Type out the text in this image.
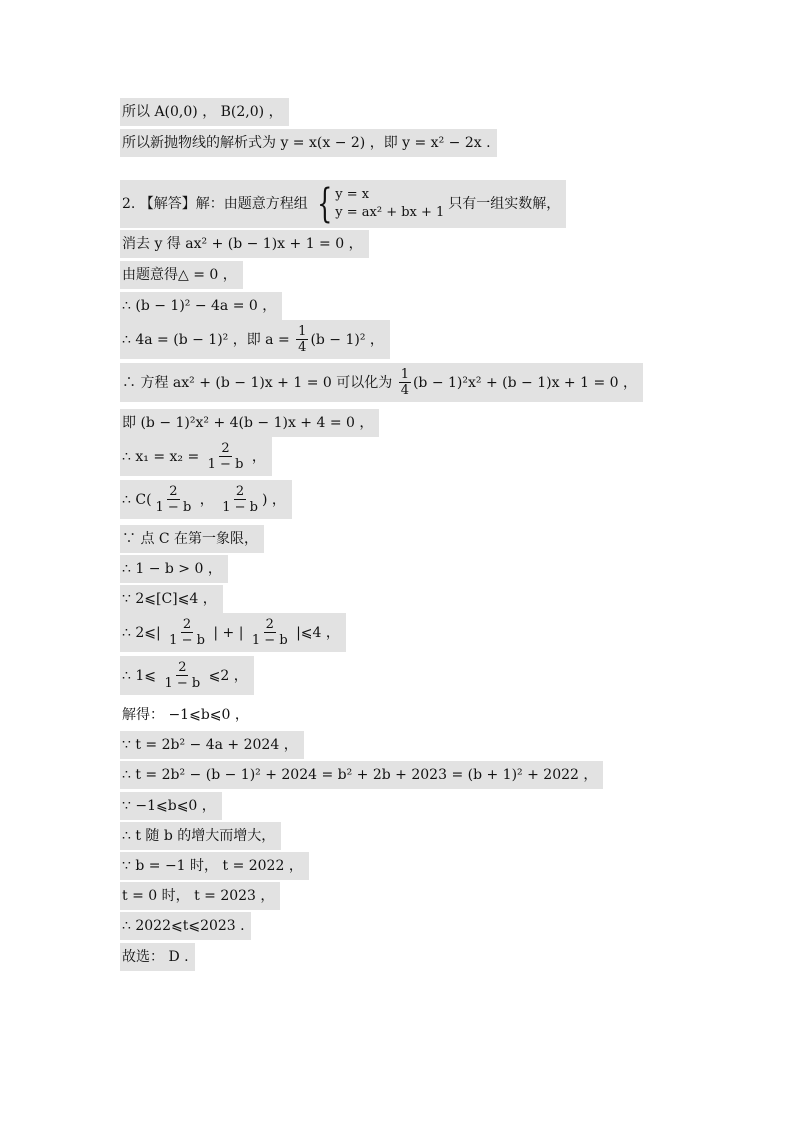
所以 A(0,0) ， B(2,0) ，
所以新抛物线的解析式为 y = x(x − 2) ，即 y = x² − 2x .
2. 【解答】解：由题意方程组 { y = x
y = ax² + bx + 1
只有一组实数解，
消去 y 得 ax² + (b − 1)x + 1 = 0 ，
由题意得△ = 0 ，
∴ (b − 1)² − 4a = 0 ，
∴ 4a = (b − 1)² ，即 $a = \frac{1}{4} (b - 1)^2$ ，
∴ 方程 ax² + (b − 1)x + 1 = 0 可以化为 $\frac{1}{4} (b - 1)^2x^2 + (b - 1)x + 1 = 0$ ，
即 (b − 1)²x² + 4(b − 1)x + 4 = 0 ，
∴ $x_1 = x_2 = \frac{2}{1 - b}$ ，
∴ $C( \frac{2}{1 - b}$ ， $\frac{2}{1 - b}$ ) ，
∵ 点 C 在第一象限，
∴ 1 − b > 0 ，
∵ 2⩽[C]⩽4 ，
∴ 2⩽| $\frac{2}{1 - b}$ | + | $\frac{2}{1 - b}$ |⩽4 ，
∴ 1⩽ $\frac{2}{1 - b}$ ⩽2 ，
解得： −1⩽b⩽0 ，
∵ t = 2b² − 4a + 2024 ，
∴ t = 2b² − (b − 1)² + 2024 = b² + 2b + 2023 = (b + 1)² + 2022 ，
∵ −1⩽b⩽0 ，
∴ t 随 b 的增大而增大，
∵ b = −1 时， t = 2022 ，
t = 0 时， t = 2023 ，
∴ 2022⩽t⩽2023 .
故选： D .
